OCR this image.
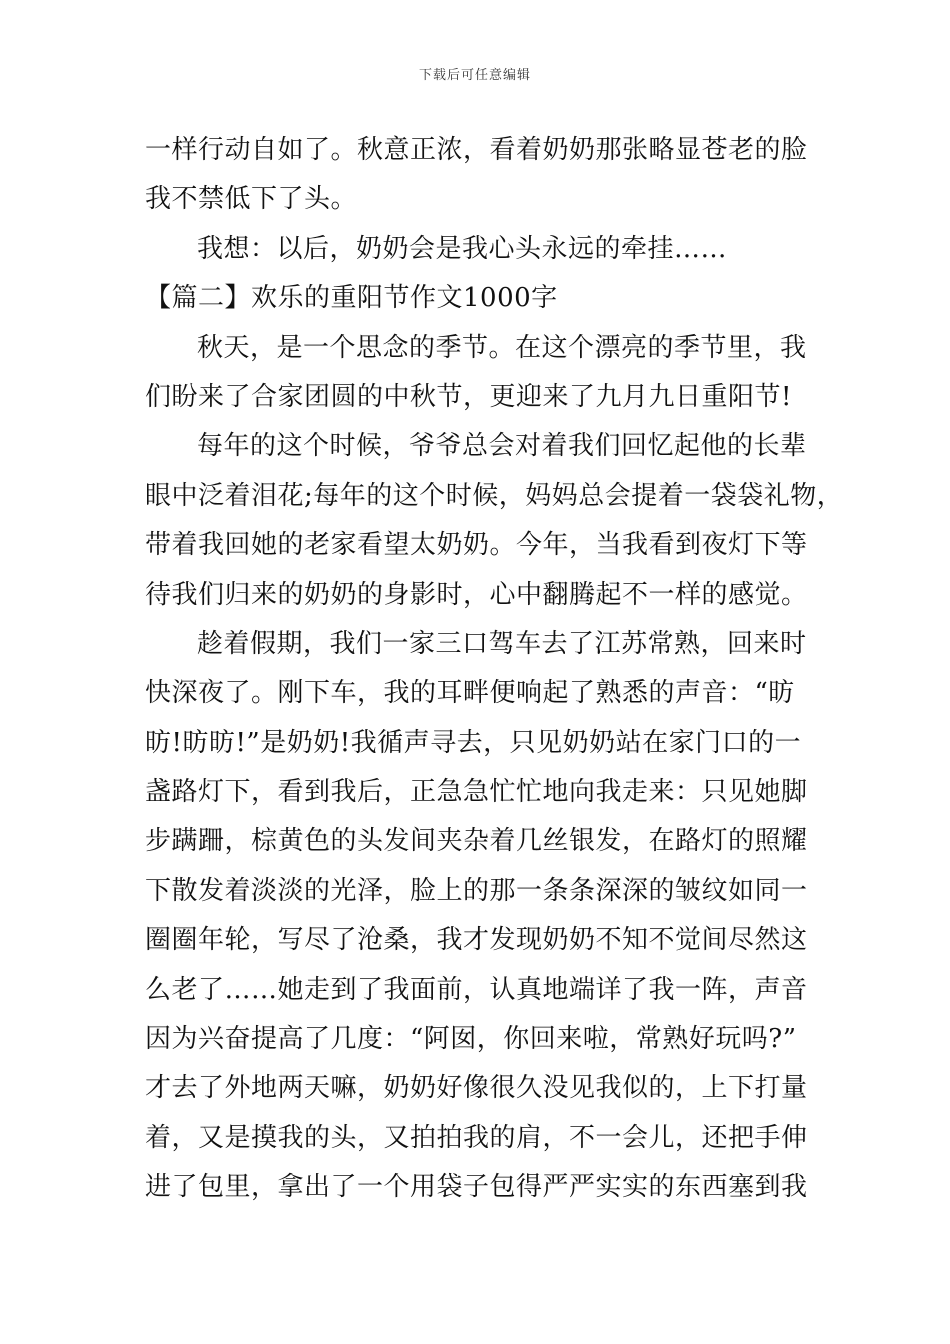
下载后可任意编辑
一样行动自如了。秋意正浓，看着奶奶那张略显苍老的脸
我不禁低下了头。
我想：以后，奶奶会是我心头永远的牵挂……
【篇二】欢乐的重阳节作文1000字
秋天，是一个思念的季节。在这个漂亮的季节里，我
们盼来了合家团圆的中秋节，更迎来了九月九日重阳节!
每年的这个时候，爷爷总会对着我们回忆起他的长辈
眼中泛着泪花;每年的这个时候，妈妈总会提着一袋袋礼物，
带着我回她的老家看望太奶奶。今年，当我看到夜灯下等
待我们归来的奶奶的身影时，心中翻腾起不一样的感觉。
趁着假期，我们一家三口驾车去了江苏常熟，回来时
快深夜了。刚下车，我的耳畔便响起了熟悉的声音：“昉
昉!昉昉!”是奶奶!我循声寻去，只见奶奶站在家门口的一
盏路灯下，看到我后，正急急忙忙地向我走来：只见她脚
步蹒跚，棕黄色的头发间夹杂着几丝银发，在路灯的照耀
下散发着淡淡的光泽，脸上的那一条条深深的皱纹如同一
圈圈年轮，写尽了沧桑，我才发现奶奶不知不觉间尽然这
么老了……她走到了我面前，认真地端详了我一阵，声音
因为兴奋提高了几度：“阿囡，你回来啦，常熟好玩吗?”
才去了外地两天嘛，奶奶好像很久没见我似的，上下打量
着，又是摸我的头，又拍拍我的肩，不一会儿，还把手伸
进了包里，拿出了一个用袋子包得严严实实的东西塞到我
